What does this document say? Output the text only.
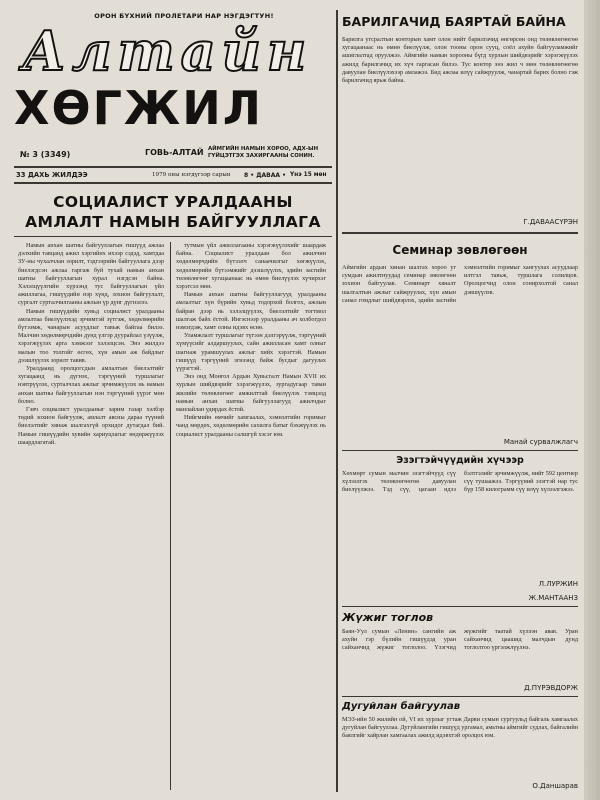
ОРОН БҮХНИЙ ПРОЛЕТАРИ НАР НЭГДЭГТУН!
Алтайн
ХӨГЖИЛ
№ 3 (3349)	ГОВЬ-АЛТАЙ АЙМГИЙН НАМЫН ХОРОО, АДХ-ЫН ГҮЙЦЭТГЭХ ЗАХИРГААНЫ СОНИН.
33 ДАХЬ ЖИЛДЭЭ	1979 оны нэгдүгээр сарын 8 • ДАВАА • Үнэ 15 мөн
СОЦИАЛИСТ УРАЛДААНЫ АМЛАЛТ НАМЫН БАЙГУУЛЛАГА

Намын анхан шатны байгууллагын гишүүд ажлаа дэлхийн тавцанд ажил хэргийнх ихээр сэдэд, хамтдаа ЗУ-ны чухалчлан зорилт, тэдгээрийн байгууллага дээр биелэгдсэн ажлаа гаргаж буй тухай намын анхан шатны байгууллагын хурал нэгдсэн байна. Хэлэлцүүлгийн хүрээнд тус байгууллагын үйл ажиллагаа, гишүүдийн нэр хүнд, зохион байгуулалт, сургалт сурталчилгааны ажлын үр дүнг дүгнэлээ.

Намын гишүүдийн хувьд социалист уралдааны амлалтаа биелүүлэхэд эрчимтэй зүтгэж, хөдөлмөрийн бүтээмж, чанарын асуудлыг тавьж байгаа билээ. Малчин хөдөлмөрчдийн дунд үлгэр дуурайлал үзүүлж, хэрэгжүүлэх арга хэмжээг хэлэлцсэн. Энэ жилдээ малын тоо толгойг өсгөх, хүн амын аж байдлыг дээшлүүлэх зорилт тавив.

Уралдаанд оролцогсдын амлалтын биелэлтийг хугацаанд нь дүгнэх, тэргүүний туршлагыг нэвтрүүлэх, сурталчлах ажлыг эрчимжүүлэх нь намын анхан шатны байгууллагын нэн тэргүүний үүрэг мөн болно.

Гэвч социалист уралдааныг зарим газар хэлбэр төдий зохион байгуулж, амлалт авсны дараа түүний биелэлтийг хянаж шалгахгүй орхидог дутагдал бий. Намын гишүүдийн хувийн хариуцлагыг өндөржүүлэх шаардлагатай.

тутмын үйл ажиллагааны хэрэгжүүлэхийг шаардаж байна. Социалист уралдаан бол ажилчин хөдөлмөрчдийн бүтээлч санаачилгыг хөгжүүлэх, хөдөлмөрийн бүтээмжийг дээшлүүлэх, эдийн засгийн төлөвлөгөөг хугацаанаас нь өмнө биелүүлэх хүчирхэг хэрэгсэл мөн.

Намын анхан шатны байгууллагууд уралдааны амлалтыг хүн бүрийн хувьд тодорхой болгох, ажлын байран дээр нь хэлэлцүүлэх, биелэлтийг тогтмол шалгаж байх ёстой. Ингэснээр уралдааны ач холбогдол нэмэгдэж, хамт олны идэвх өснө.

Уламжлалт туршлагыг түгээн дэлгэрүүлж, тэргүүний хүмүүсийг алдаршуулах, сайн ажилласан хамт олныг шагнаж урамшуулах ажлыг хийх хэрэгтэй. Намын гишүүд тэргүүний эгнээнд байж бусдыг дагуулах үүрэгтэй.

Энэ онд Монгол Ардын Хувьсгалт Намын XVII их хурлын шийдвэрийг хэрэгжүүлэх, зургадугаар таван жилийн төлөвлөгөөг амжилттай биелүүлэх тэмцэлд намын анхан шатны байгууллагууд ажилчдыг манлайлан удирдах ёстой.

Нийгмийн өмчийг хамгаалах, хэмнэлтийн горимыг чанд мөрдөх, хөдөлмөрийн сахилга батыг бэхжүүлэх нь социалист уралдааны салшгүй хэсэг юм.

БАРИЛГАЧИД БАЯРТАЙ БАЙНА
Барилга угсралтын конторын хамт олон нийт барилгачид өнгөрсөн онд төлөвлөгөөгөө хугацаанаас нь өмнө биелүүлж, олон тооны орон сууц, соёл ахуйн байгууламжийг ашиглалтад оруулжээ. Аймгийн намын хорооны бүгд хурлын шийдвэрийг хэрэгжүүлэх ажилд барилгачид их хүч гаргасан билээ. Тус контор энэ жил ч мөн төлөвлөгөөгөө давуулан биелүүлэхээр амлажээ. Бид ажлаа илүү сайжруулж, чанартай барих болно гэж барилгачид ярьж байна.
Г.ДАВААСҮРЭН
Семинар зөвлөгөөн
Аймгийн ардын хянан шалгах хороо уг сумдын ажилтнуудад семинар зөвлөгөөн зохион байгуулав. Семинарт хяналт шалгалтын ажлыг сайжруулах, хүн амын санал гомдлыг шийдвэрлэх, эдийн засгийн хэмнэлтийн горимыг хангуулах асуудлаар илтгэл тавьж, туршлага солилцов. Оролцогчид олон сонирхолтой санал дэвшүүлэв.
Манай сурвалжлагч
Эзэгтэйчүүдийн хүчээр
Хөхмөрт сумын малчин эзэгтэйчүүд сүү хүлээлгэх төлөвлөгөөгөө давуулан биелүүлжээ. Тэд сүү, цагаан идээ бэлтгэлийг эрчимжүүлж, нийт 592 центнер сүү тушаажээ. Тэргүүний эзэгтэй нар тус бүр 158 килограмм сүү илүү хүлээлгэжээ.
Л.ЛУРЖИН
Ж.МАНТААНЗ
Жүжиг тоглов
Баян-Уул сумын «Ленин» сангийн аж ахуйн гэр бүлийн гишүүдэд уран сайханчид жүжиг тоглолоо. Үзэгчид жүжгийг таатай хүлээн авав. Уран сайханчид цаашид малчдын дунд тоглолтоо үргэлжлүүлнэ.
Д.ПҮРЭВДОРЖ
Дугуйлан байгуулав
МЭЗ-ийн 50 жилийн ой, VI их хурлыг угтаж Дарви сумын сургуульд байгаль хамгаалах дугуйлан байгууллаа. Дугуйлангийн гишүүд ургамал, амьтны аймгийг судлах, байгалийн баялгийг хайрлан хамгаалах ажилд идэвхтэй оролцох юм.
О.Даншарав
